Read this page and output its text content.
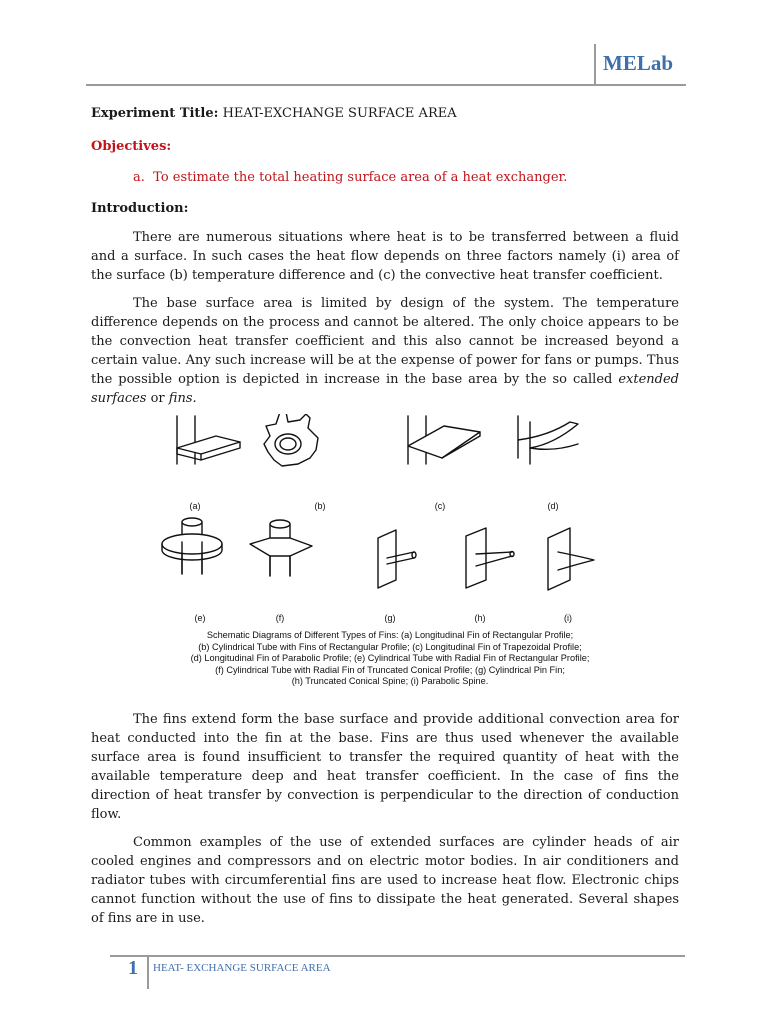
MELab

Experiment Title: HEAT-EXCHANGE SURFACE AREA

Objectives:

a. To estimate the total heating surface area of a heat exchanger.

Introduction:

There are numerous situations where heat is to be transferred between a fluid and a surface. In such cases the heat flow depends on three factors namely (i) area of the surface (b) temperature difference and (c) the convective heat transfer coefficient.

The base surface area is limited by design of the system. The temperature difference depends on the process and cannot be altered. The only choice appears to be the convection heat transfer coefficient and this also cannot be increased beyond a certain value. Any such increase will be at the expense of power for fans or pumps. Thus the possible option is depicted in increase in the base area by the so called extended surfaces or fins.

(a)	(b)	(c)	(d)
(e)	(f)	(g)	(h)	(i)
Schematic Diagrams of Different Types of Fins: (a) Longitudinal Fin of Rectangular Profile;
(b) Cylindrical Tube with Fins of Rectangular Profile; (c) Longitudinal Fin of Trapezoidal Profile;
(d) Longitudinal Fin of Parabolic Profile; (e) Cylindrical Tube with Radial Fin of Rectangular Profile;
(f) Cylindrical Tube with Radial Fin of Truncated Conical Profile; (g) Cylindrical Pin Fin;
(h) Truncated Conical Spine; (i) Parabolic Spine.

The fins extend form the base surface and provide additional convection area for heat conducted into the fin at the base. Fins are thus used whenever the available surface area is found insufficient to transfer the required quantity of heat with the available temperature deep and heat transfer coefficient. In the case of fins the direction of heat transfer by convection is perpendicular to the direction of conduction flow.

Common examples of the use of extended surfaces are cylinder heads of air cooled engines and compressors and on electric motor bodies. In air conditioners and radiator tubes with circumferential fins are used to increase heat flow. Electronic chips cannot function without the use of fins to dissipate the heat generated. Several shapes of fins are in use.

1 HEAT- EXCHANGE SURFACE AREA
